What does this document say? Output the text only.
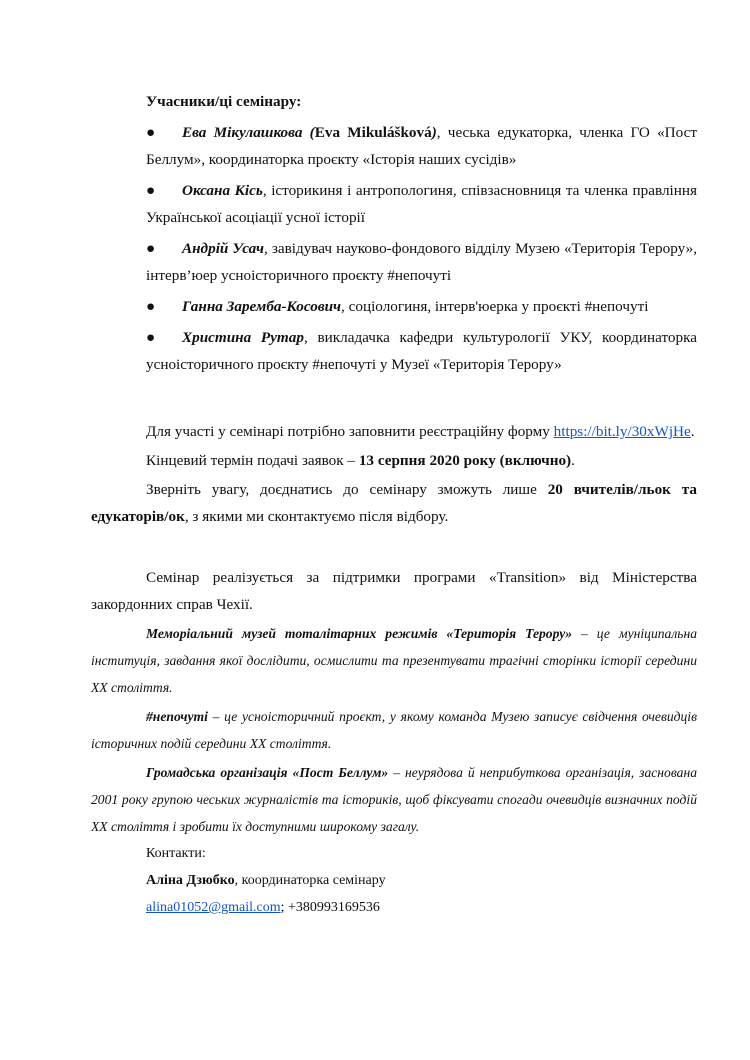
Учасники/ці семінару:

● Ева Мікулашкова (Eva Mikulášková), чеська едукаторка, членка ГО «Пост Беллум», координаторка проєкту «Історія наших сусідів»

● Оксана Кісь, історикиня і антропологиня, співзасновниця та членка правління Української асоціації усної історії

● Андрій Усач, завідувач науково-фондового відділу Музею «Територія Терору», інтерв’юер усноісторичного проєкту #непочуті

● Ганна Заремба-Косович, соціологиня, інтерв'юерка у проєкті #непочуті

● Христина Рутар, викладачка кафедри культурології УКУ, координаторка усноісторичного проєкту #непочуті у Музеї «Територія Терору»

Для участі у семінарі потрібно заповнити реєстраційну форму https://bit.ly/30xWjHe.

Кінцевий термін подачі заявок – 13 серпня 2020 року (включно).

Зверніть увагу, доєднатись до семінару зможуть лише 20 вчителів/льок та едукаторів/ок, з якими ми сконтактуємо після відбору.

Семінар реалізується за підтримки програми «Transition» від Міністерства закордонних справ Чехії.

Меморіальний музей тоталітарних режимів «Територія Терору» – це муніципальна інституція, завдання якої дослідити, осмислити та презентувати трагічні сторінки історії середини ХХ століття.

#непочуті – це усноісторичний проєкт, у якому команда Музею записує свідчення очевидців історичних подій середини ХХ століття.

Громадська організація «Пост Беллум» – неурядова й неприбуткова організація, заснована 2001 року групою чеських журналістів та істориків, щоб фіксувати спогади очевидців визначних подій ХХ століття і зробити їх доступними широкому загалу.

Контакти:

Аліна Дзюбко, координаторка семінару

alina01052@gmail.com; +380993169536
